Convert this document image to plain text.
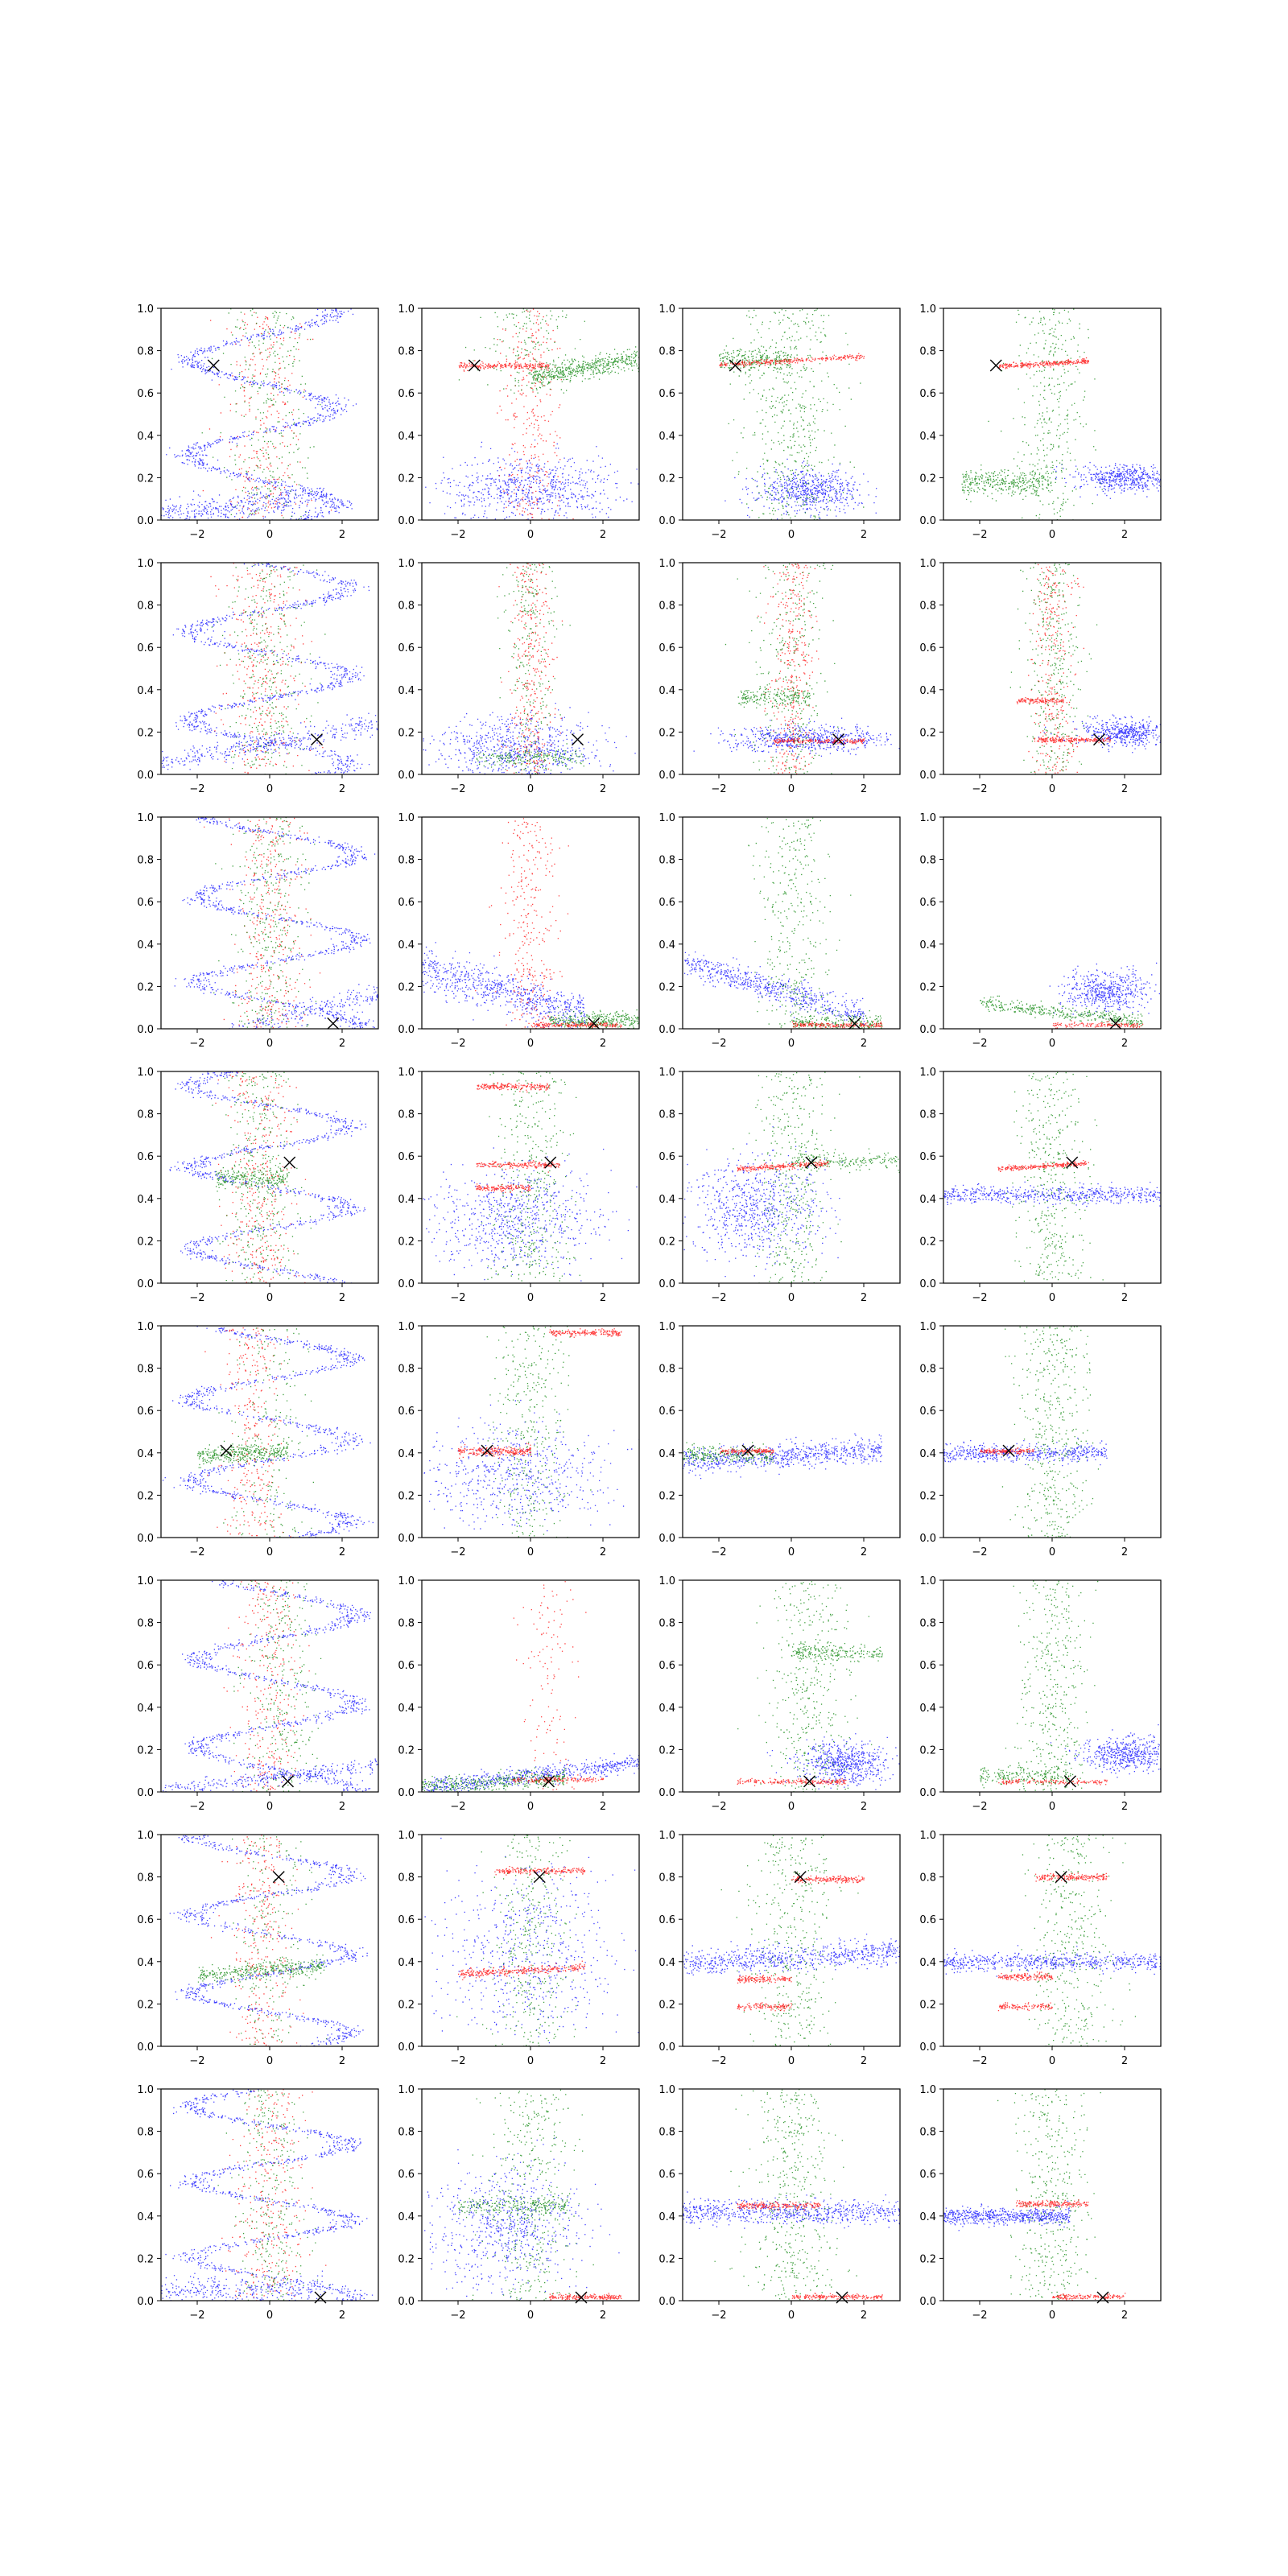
−2	0	2
0.0
0.2
0.4
0.6
0.8
1.0
−2	0	2
0.0
0.2
0.4
0.6
0.8
1.0
−2	0	2
0.0
0.2
0.4
0.6
0.8
1.0
−2	0	2
0.0
0.2
0.4
0.6
0.8
1.0
−2	0	2
0.0
0.2
0.4
0.6
0.8
1.0
−2	0	2
0.0
0.2
0.4
0.6
0.8
1.0
−2	0	2
0.0
0.2
0.4
0.6
0.8
1.0
−2	0	2
0.0
0.2
0.4
0.6
0.8
1.0
−2	0	2
0.0
0.2
0.4
0.6
0.8
1.0
−2	0	2
0.0
0.2
0.4
0.6
0.8
1.0
−2	0	2
0.0
0.2
0.4
0.6
0.8
1.0
−2	0	2
0.0
0.2
0.4
0.6
0.8
1.0
−2	0	2
0.0
0.2
0.4
0.6
0.8
1.0
−2	0	2
0.0
0.2
0.4
0.6
0.8
1.0
−2	0	2
0.0
0.2
0.4
0.6
0.8
1.0
−2	0	2
0.0
0.2
0.4
0.6
0.8
1.0
−2	0	2
0.0
0.2
0.4
0.6
0.8
1.0
−2	0	2
0.0
0.2
0.4
0.6
0.8
1.0
−2	0	2
0.0
0.2
0.4
0.6
0.8
1.0
−2	0	2
0.0
0.2
0.4
0.6
0.8
1.0
−2	0	2
0.0
0.2
0.4
0.6
0.8
1.0
−2	0	2
0.0
0.2
0.4
0.6
0.8
1.0
−2	0	2
0.0
0.2
0.4
0.6
0.8
1.0
−2	0	2
0.0
0.2
0.4
0.6
0.8
1.0
−2	0	2
0.0
0.2
0.4
0.6
0.8
1.0
−2	0	2
0.0
0.2
0.4
0.6
0.8
1.0
−2	0	2
0.0
0.2
0.4
0.6
0.8
1.0
−2	0	2
0.0
0.2
0.4
0.6
0.8
1.0
−2	0	2
0.0
0.2
0.4
0.6
0.8
1.0
−2	0	2
0.0
0.2
0.4
0.6
0.8
1.0
−2	0	2
0.0
0.2
0.4
0.6
0.8
1.0
−2	0	2
0.0
0.2
0.4
0.6
0.8
1.0
